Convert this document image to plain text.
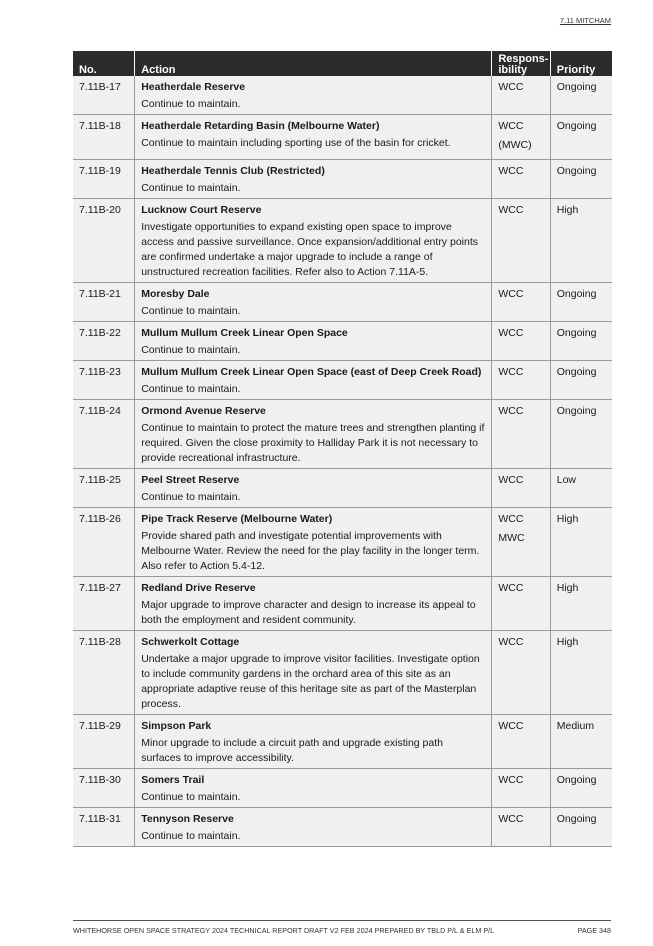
7.11 MITCHAM
No.	Action	Respons-
ibility	Priority
7.11B-17	Heatherdale Reserve
Continue to maintain.	WCC	Ongoing
7.11B-18	Heatherdale Retarding Basin (Melbourne Water)
Continue to maintain including sporting use of the basin for cricket.	WCC
(MWC)	Ongoing
7.11B-19	Heatherdale Tennis Club (Restricted)
Continue to maintain.	WCC	Ongoing
7.11B-20	Lucknow Court Reserve
Investigate opportunities to expand existing open space to improve access and passive surveillance. Once expansion/additional entry points are confirmed undertake a major upgrade to include a range of unstructured recreation facilities. Refer also to Action 7.11A-5.	WCC	High
7.11B-21	Moresby Dale
Continue to maintain.	WCC	Ongoing
7.11B-22	Mullum Mullum Creek Linear Open Space
Continue to maintain.	WCC	Ongoing
7.11B-23	Mullum Mullum Creek Linear Open Space (east of Deep Creek Road)
Continue to maintain.	WCC	Ongoing
7.11B-24	Ormond Avenue Reserve
Continue to maintain to protect the mature trees and strengthen planting if required. Given the close proximity to Halliday Park it is not necessary to provide recreational infrastructure.	WCC	Ongoing
7.11B-25	Peel Street Reserve
Continue to maintain.	WCC	Low
7.11B-26	Pipe Track Reserve (Melbourne Water)
Provide shared path and investigate potential improvements with Melbourne Water. Review the need for the play facility in the longer term. Also refer to Action 5.4-12.	WCC
MWC	High
7.11B-27	Redland Drive Reserve
Major upgrade to improve character and design to increase its appeal to both the employment and resident community.	WCC	High
7.11B-28	Schwerkolt Cottage
Undertake a major upgrade to improve visitor facilities. Investigate option to include community gardens in the orchard area of this site as an appropriate adaptive reuse of this heritage site as part of the Masterplan process.	WCC	High
7.11B-29	Simpson Park
Minor upgrade to include a circuit path and upgrade existing path surfaces to improve accessibility.	WCC	Medium
7.11B-30	Somers Trail
Continue to maintain.	WCC	Ongoing
7.11B-31	Tennyson Reserve
Continue to maintain.	WCC	Ongoing
WHITEHORSE OPEN SPACE STRATEGY 2024 TECHNICAL REPORT DRAFT V2 FEB 2024 PREPARED BY TBLD P/L & ELM P/L	PAGE 348
